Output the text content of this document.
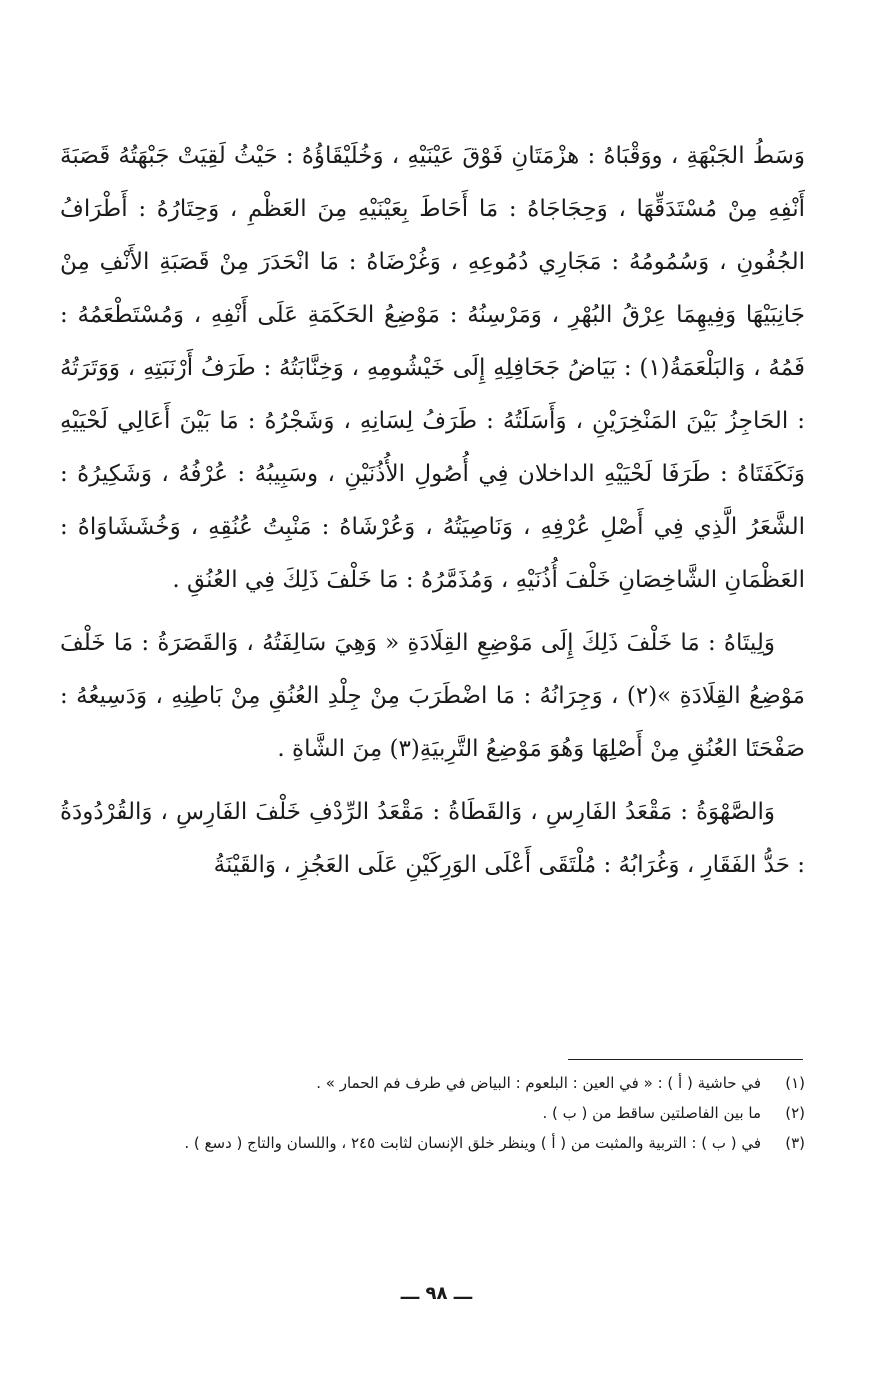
وَسَطُ الجَبْهَةِ ، ووَقْبَاهُ : هزْمَتَانِ فَوْقَ عَيْنَيْهِ ، وَخُلَيْقَاؤُهُ : حَيْثُ لَقِيَتْ جَبْهَتُهُ قَصَبَةَ أَنْفِهِ مِنْ مُسْتَدَقِّهَا ، وَحِجَاجَاهُ : مَا أَحَاطَ بِعَيْنَيْهِ مِنَ العَظْمِ ، وَحِتَارُهُ : أَطْرَافُ الجُفُونِ ، وَسُمُومُهُ : مَجَارِي دُمُوعِهِ ، وَغُرْضَاهُ : مَا انْحَدَرَ مِنْ قَصَبَةِ الأَنْفِ مِنْ جَانِبَيْهَا وَفِيهِمَا عِرْقُ البُهْرِ ، وَمَرْسِنُهُ : مَوْضِعُ الحَكَمَةِ عَلَى أَنْفِهِ ، وَمُسْتَطْعَمُهُ : فَمُهُ ، وَالبَلْعَمَةُ(١) : بَيَاضُ جَحَافِلِهِ إِلَى خَيْشُومِهِ ، وَخِنَّابَتُهُ : طَرَفُ أَرْنَبَتِهِ ، وَوَتَرَتُهُ : الحَاجِزُ بَيْنَ المَنْخِرَيْنِ ، وَأَسَلَتُهُ : طَرَفُ لِسَانِهِ ، وَشَجْرُهُ : مَا بَيْنَ أَعَالِي لَحْيَيْهِ وَنَكَفَتَاهُ : طَرَفَا لَحْيَيْهِ الداخلان فِي أُصُولِ الأُذُنَيْنِ ، وسَبِيبُهُ : عُرْفُهُ ، وَشَكِيرُهُ : الشَّعَرُ الَّذِي فِي أَصْلِ عُرْفِهِ ، وَنَاصِيَتُهُ ، وَعُرْشَاهُ : مَنْبِتُ عُنُقِهِ ، وَخُشَشَاوَاهُ : العَظْمَانِ الشَّاخِصَانِ خَلْفَ أُذُنَيْهِ ، وَمُذَمَّرُهُ : مَا خَلْفَ ذَلِكَ فِي العُنُقِ .

وَلِيتَاهُ : مَا خَلْفَ ذَلِكَ إِلَى مَوْضِعِ القِلَادَةِ « وَهِيَ سَالِفَتُهُ ، وَالقَصَرَةُ : مَا خَلْفَ مَوْضِعُ القِلَادَةِ »(٢) ، وَجِرَانُهُ : مَا اضْطَرَبَ مِنْ جِلْدِ العُنُقِ مِنْ بَاطِنِهِ ، وَدَسِيعُهُ : صَفْحَتَا العُنُقِ مِنْ أَصْلِهَا وَهُوَ مَوْضِعُ التَّرِبيَةِ(٣) مِنَ الشَّاةِ .

وَالصَّهْوَةُ : مَقْعَدُ الفَارِسِ ، وَالقَطَاةُ : مَقْعَدُ الرِّدْفِ خَلْفَ الفَارِسِ ، وَالقُرْدُودَةُ : حَدُّ الفَقَارِ ، وَغُرَابُهُ : مُلْتَقَى أَعْلَى الوَرِكَيْنِ عَلَى العَجُزِ ، وَالقَيْنَةُ

(١)
في حاشية ( أ ) : « في العين : البلعوم : البياض في طرف فم الحمار » .
(٢)
ما بين الفاصلتين ساقط من ( ب ) .
(٣)
في ( ب ) : التربية والمثبت من ( أ ) وينظر خلق الإنسان لثابت ٢٤٥ ، واللسان والتاج ( دسع ) .
ـــ ٩٨ ـــ
